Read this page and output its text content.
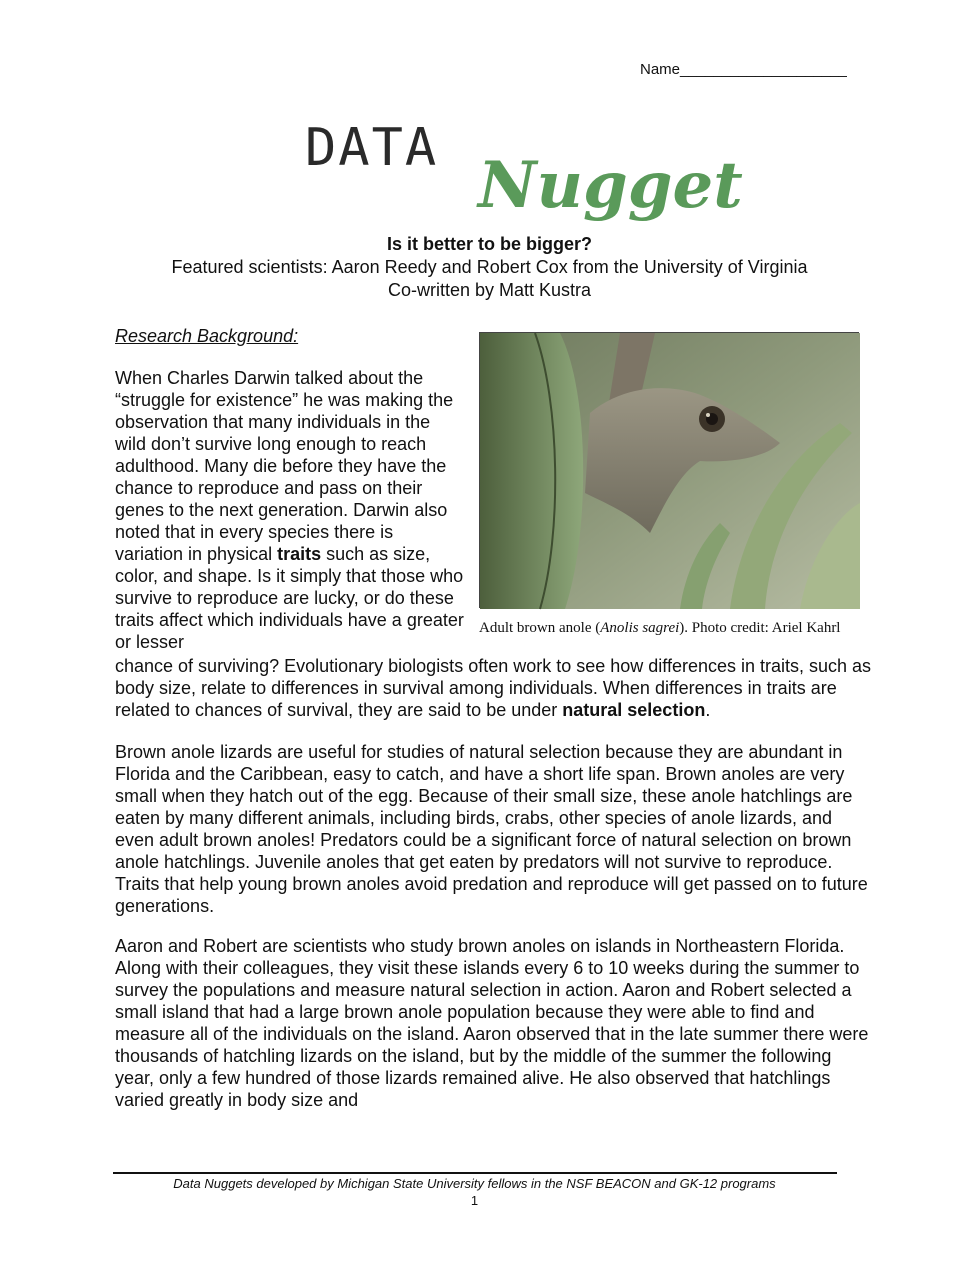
Name____________________
DATA Nugget
Is it better to be bigger?
Featured scientists: Aaron Reedy and Robert Cox from the University of Virginia
Co-written by Matt Kustra
Research Background:
Adult brown anole (Anolis sagrei). Photo credit: Ariel Kahrl
When Charles Darwin talked about the “struggle for existence” he was making the observation that many individuals in the wild don’t survive long enough to reach adulthood. Many die before they have the chance to reproduce and pass on their genes to the next generation. Darwin also noted that in every species there is variation in physical traits such as size, color, and shape. Is it simply that those who survive to reproduce are lucky, or do these traits affect which individuals have a greater or lesser
chance of surviving? Evolutionary biologists often work to see how differences in traits, such as body size, relate to differences in survival among individuals. When differences in traits are related to chances of survival, they are said to be under natural selection.
Brown anole lizards are useful for studies of natural selection because they are abundant in Florida and the Caribbean, easy to catch, and have a short life span. Brown anoles are very small when they hatch out of the egg. Because of their small size, these anole hatchlings are eaten by many different animals, including birds, crabs, other species of anole lizards, and even adult brown anoles! Predators could be a significant force of natural selection on brown anole hatchlings. Juvenile anoles that get eaten by predators will not survive to reproduce. Traits that help young brown anoles avoid predation and reproduce will get passed on to future generations.
Aaron and Robert are scientists who study brown anoles on islands in Northeastern Florida. Along with their colleagues, they visit these islands every 6 to 10 weeks during the summer to survey the populations and measure natural selection in action. Aaron and Robert selected a small island that had a large brown anole population because they were able to find and measure all of the individuals on the island. Aaron observed that in the late summer there were thousands of hatchling lizards on the island, but by the middle of the summer the following year, only a few hundred of those lizards remained alive. He also observed that hatchlings varied greatly in body size and
Data Nuggets developed by Michigan State University fellows in the NSF BEACON and GK-12 programs
1
